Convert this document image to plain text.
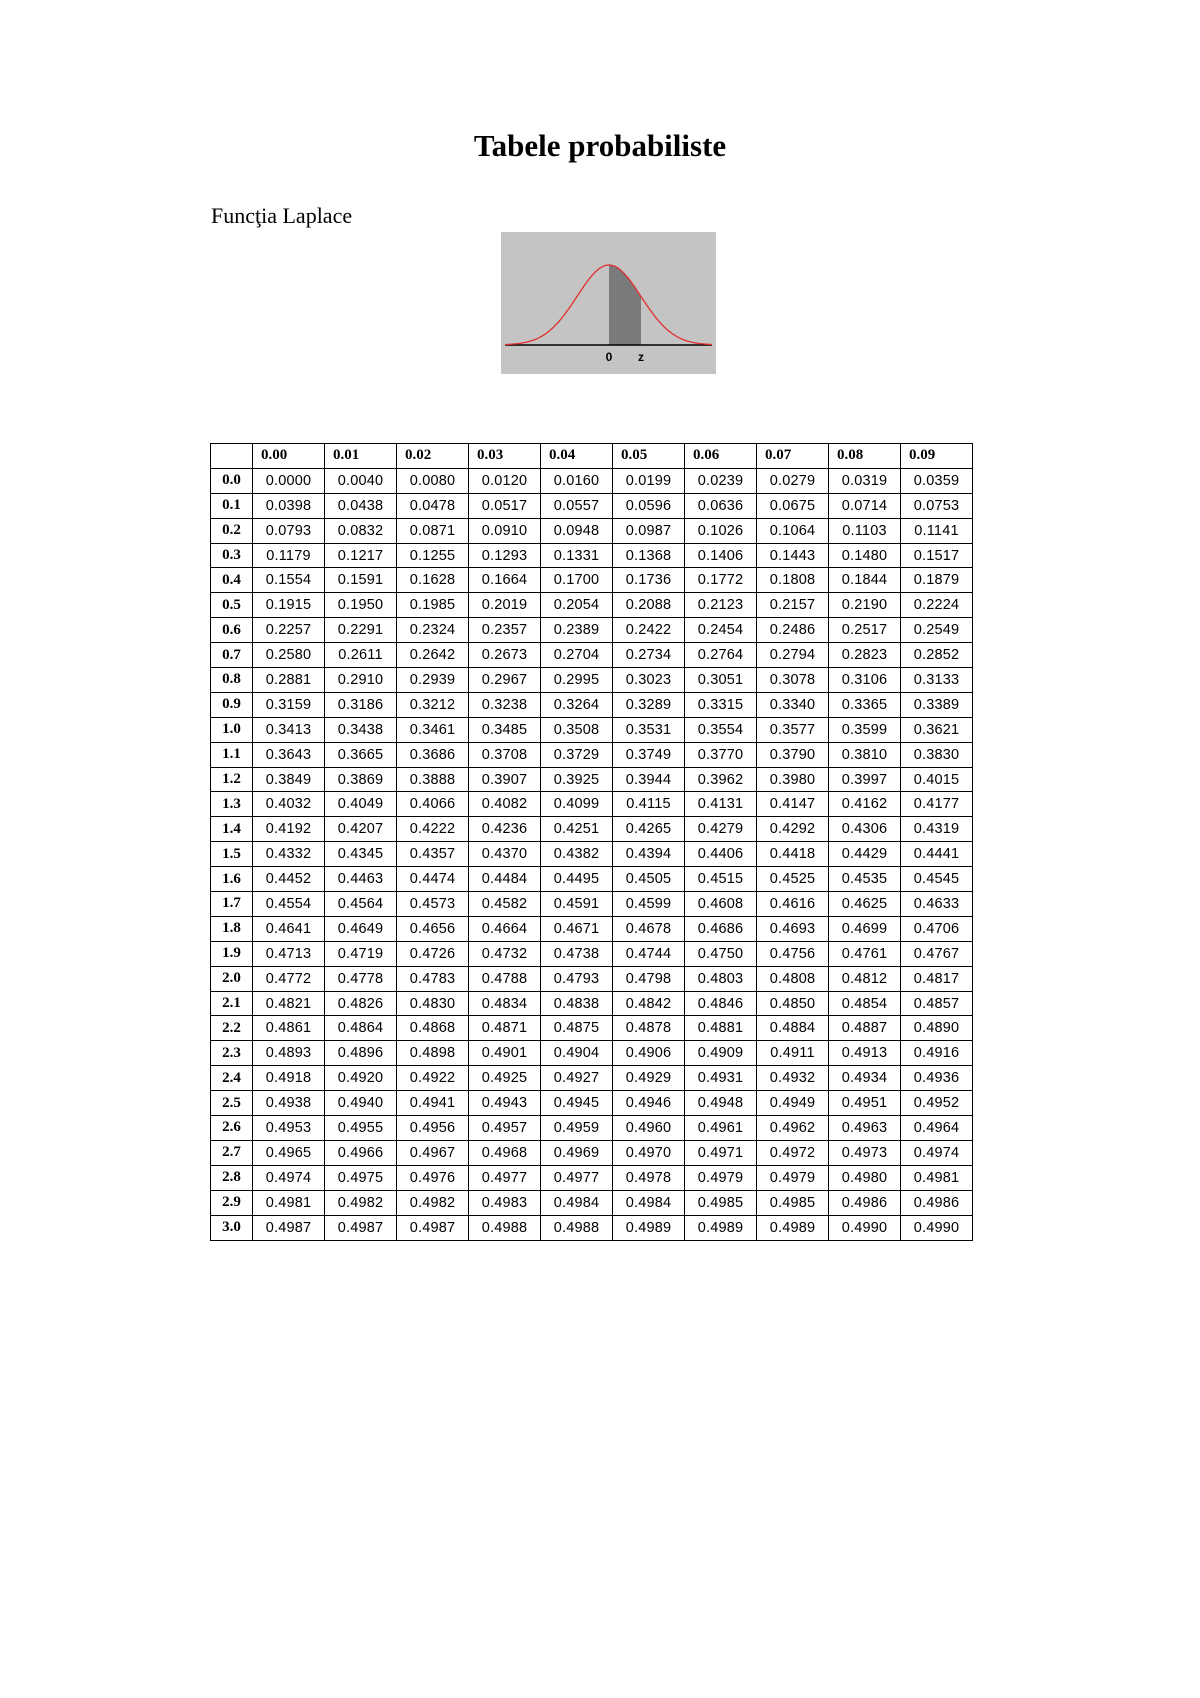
Tabele probabiliste

Funcţia Laplace

0 z
	0.00	0.01	0.02	0.03	0.04	0.05	0.06	0.07	0.08	0.09
0.0	0.0000	0.0040	0.0080	0.0120	0.0160	0.0199	0.0239	0.0279	0.0319	0.0359
0.1	0.0398	0.0438	0.0478	0.0517	0.0557	0.0596	0.0636	0.0675	0.0714	0.0753
0.2	0.0793	0.0832	0.0871	0.0910	0.0948	0.0987	0.1026	0.1064	0.1103	0.1141
0.3	0.1179	0.1217	0.1255	0.1293	0.1331	0.1368	0.1406	0.1443	0.1480	0.1517
0.4	0.1554	0.1591	0.1628	0.1664	0.1700	0.1736	0.1772	0.1808	0.1844	0.1879
0.5	0.1915	0.1950	0.1985	0.2019	0.2054	0.2088	0.2123	0.2157	0.2190	0.2224
0.6	0.2257	0.2291	0.2324	0.2357	0.2389	0.2422	0.2454	0.2486	0.2517	0.2549
0.7	0.2580	0.2611	0.2642	0.2673	0.2704	0.2734	0.2764	0.2794	0.2823	0.2852
0.8	0.2881	0.2910	0.2939	0.2967	0.2995	0.3023	0.3051	0.3078	0.3106	0.3133
0.9	0.3159	0.3186	0.3212	0.3238	0.3264	0.3289	0.3315	0.3340	0.3365	0.3389
1.0	0.3413	0.3438	0.3461	0.3485	0.3508	0.3531	0.3554	0.3577	0.3599	0.3621
1.1	0.3643	0.3665	0.3686	0.3708	0.3729	0.3749	0.3770	0.3790	0.3810	0.3830
1.2	0.3849	0.3869	0.3888	0.3907	0.3925	0.3944	0.3962	0.3980	0.3997	0.4015
1.3	0.4032	0.4049	0.4066	0.4082	0.4099	0.4115	0.4131	0.4147	0.4162	0.4177
1.4	0.4192	0.4207	0.4222	0.4236	0.4251	0.4265	0.4279	0.4292	0.4306	0.4319
1.5	0.4332	0.4345	0.4357	0.4370	0.4382	0.4394	0.4406	0.4418	0.4429	0.4441
1.6	0.4452	0.4463	0.4474	0.4484	0.4495	0.4505	0.4515	0.4525	0.4535	0.4545
1.7	0.4554	0.4564	0.4573	0.4582	0.4591	0.4599	0.4608	0.4616	0.4625	0.4633
1.8	0.4641	0.4649	0.4656	0.4664	0.4671	0.4678	0.4686	0.4693	0.4699	0.4706
1.9	0.4713	0.4719	0.4726	0.4732	0.4738	0.4744	0.4750	0.4756	0.4761	0.4767
2.0	0.4772	0.4778	0.4783	0.4788	0.4793	0.4798	0.4803	0.4808	0.4812	0.4817
2.1	0.4821	0.4826	0.4830	0.4834	0.4838	0.4842	0.4846	0.4850	0.4854	0.4857
2.2	0.4861	0.4864	0.4868	0.4871	0.4875	0.4878	0.4881	0.4884	0.4887	0.4890
2.3	0.4893	0.4896	0.4898	0.4901	0.4904	0.4906	0.4909	0.4911	0.4913	0.4916
2.4	0.4918	0.4920	0.4922	0.4925	0.4927	0.4929	0.4931	0.4932	0.4934	0.4936
2.5	0.4938	0.4940	0.4941	0.4943	0.4945	0.4946	0.4948	0.4949	0.4951	0.4952
2.6	0.4953	0.4955	0.4956	0.4957	0.4959	0.4960	0.4961	0.4962	0.4963	0.4964
2.7	0.4965	0.4966	0.4967	0.4968	0.4969	0.4970	0.4971	0.4972	0.4973	0.4974
2.8	0.4974	0.4975	0.4976	0.4977	0.4977	0.4978	0.4979	0.4979	0.4980	0.4981
2.9	0.4981	0.4982	0.4982	0.4983	0.4984	0.4984	0.4985	0.4985	0.4986	0.4986
3.0	0.4987	0.4987	0.4987	0.4988	0.4988	0.4989	0.4989	0.4989	0.4990	0.4990
